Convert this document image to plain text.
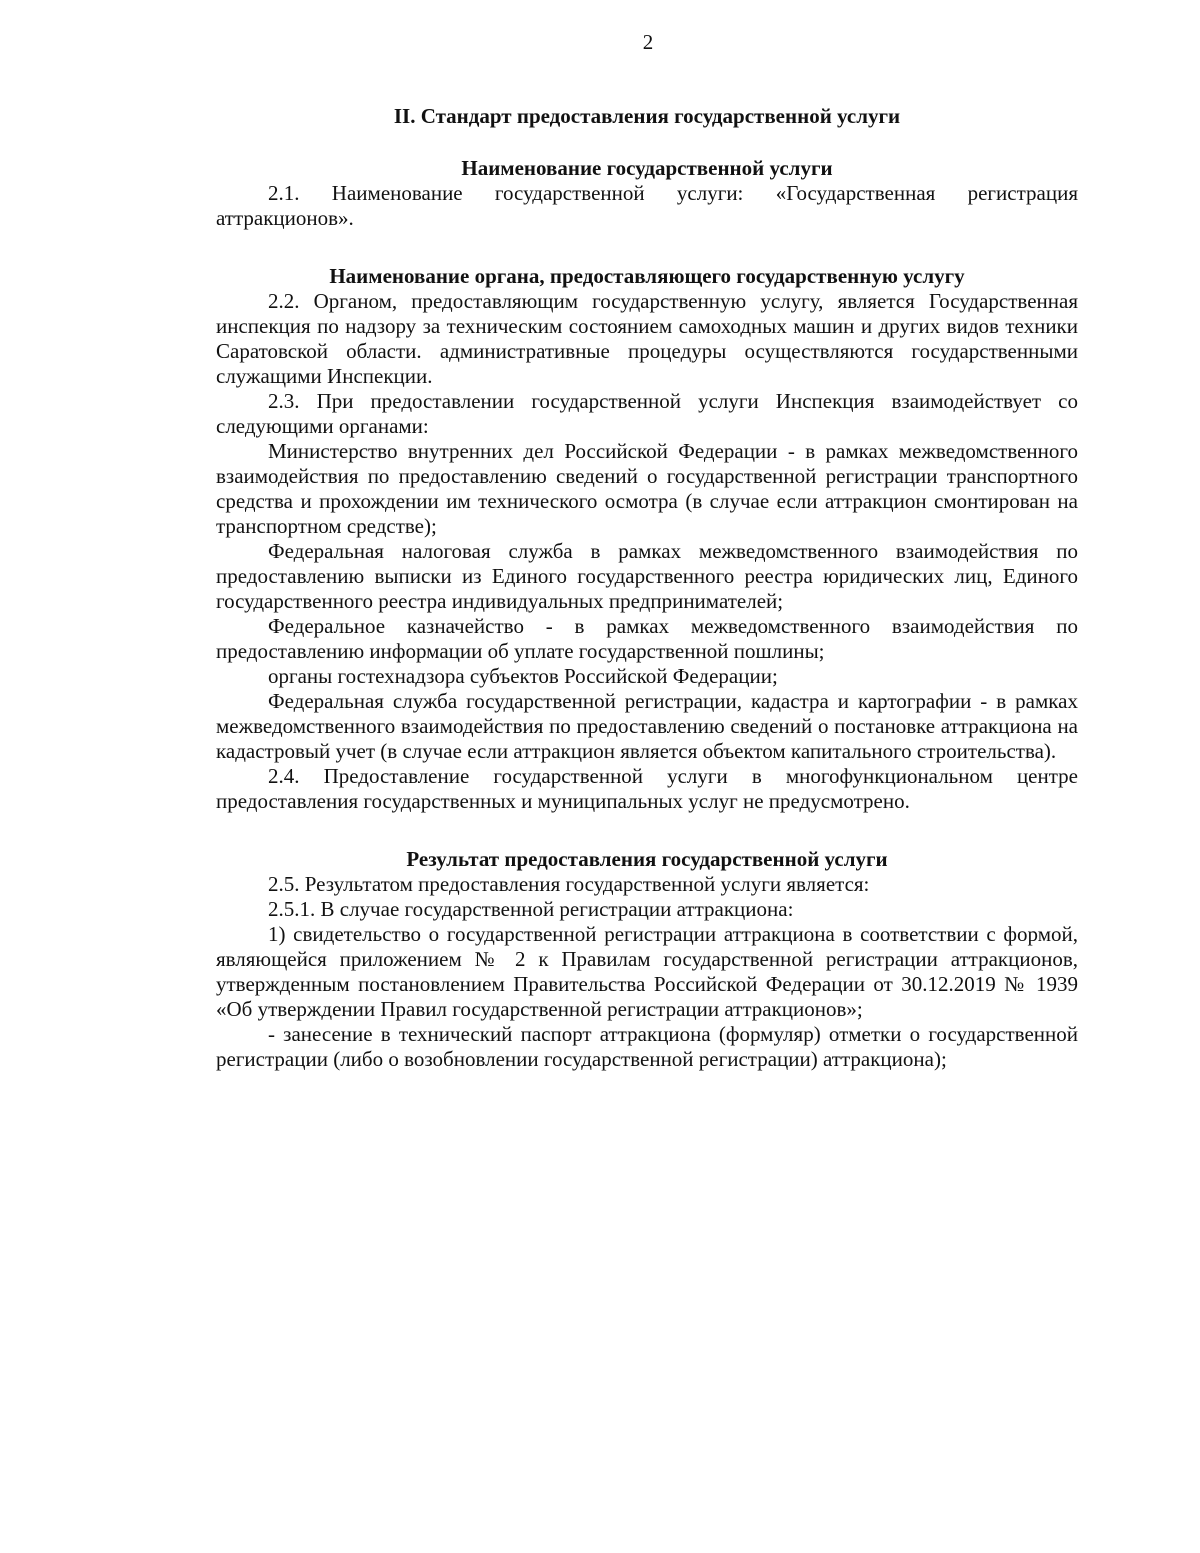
2
II. Стандарт предоставления государственной услуги
Наименование государственной услуги

2.1. Наименование государственной услуги: «Государственная регистрация аттракционов».

Наименование органа, предоставляющего государственную услугу

2.2. Органом, предоставляющим государственную услугу, является Государственная инспекция по надзору за техническим состоянием самоходных машин и других видов техники Саратовской области. административные процедуры осуществляются государственными служащими Инспекции.

2.3. При предоставлении государственной услуги Инспекция взаимодействует со следующими органами:

Министерство внутренних дел Российской Федерации - в рамках межведомственного взаимодействия по предоставлению сведений о государственной регистрации транспортного средства и прохождении им технического осмотра (в случае если аттракцион смонтирован на транспортном средстве);

Федеральная налоговая служба в рамках межведомственного взаимодействия по предоставлению выписки из Единого государственного реестра юридических лиц, Единого государственного реестра индивидуальных предпринимателей;

Федеральное казначейство - в рамках межведомственного взаимодействия по предоставлению информации об уплате государственной пошлины;

органы гостехнадзора субъектов Российской Федерации;

Федеральная служба государственной регистрации, кадастра и картографии - в рамках межведомственного взаимодействия по предоставлению сведений о постановке аттракциона на кадастровый учет (в случае если аттракцион является объектом капитального строительства).

2.4. Предоставление государственной услуги в многофункциональном центре предоставления государственных и муниципальных услуг не предусмотрено.

Результат предоставления государственной услуги

2.5. Результатом предоставления государственной услуги является:

2.5.1. В случае государственной регистрации аттракциона:

1) свидетельство о государственной регистрации аттракциона в соответствии с формой, являющейся приложением № 2 к Правилам государственной регистрации аттракционов, утвержденным постановлением Правительства Российской Федерации от 30.12.2019 № 1939 «Об утверждении Правил государственной регистрации аттракционов»;

- занесение в технический паспорт аттракциона (формуляр) отметки о государственной регистрации (либо о возобновлении государственной регистрации) аттракциона);
